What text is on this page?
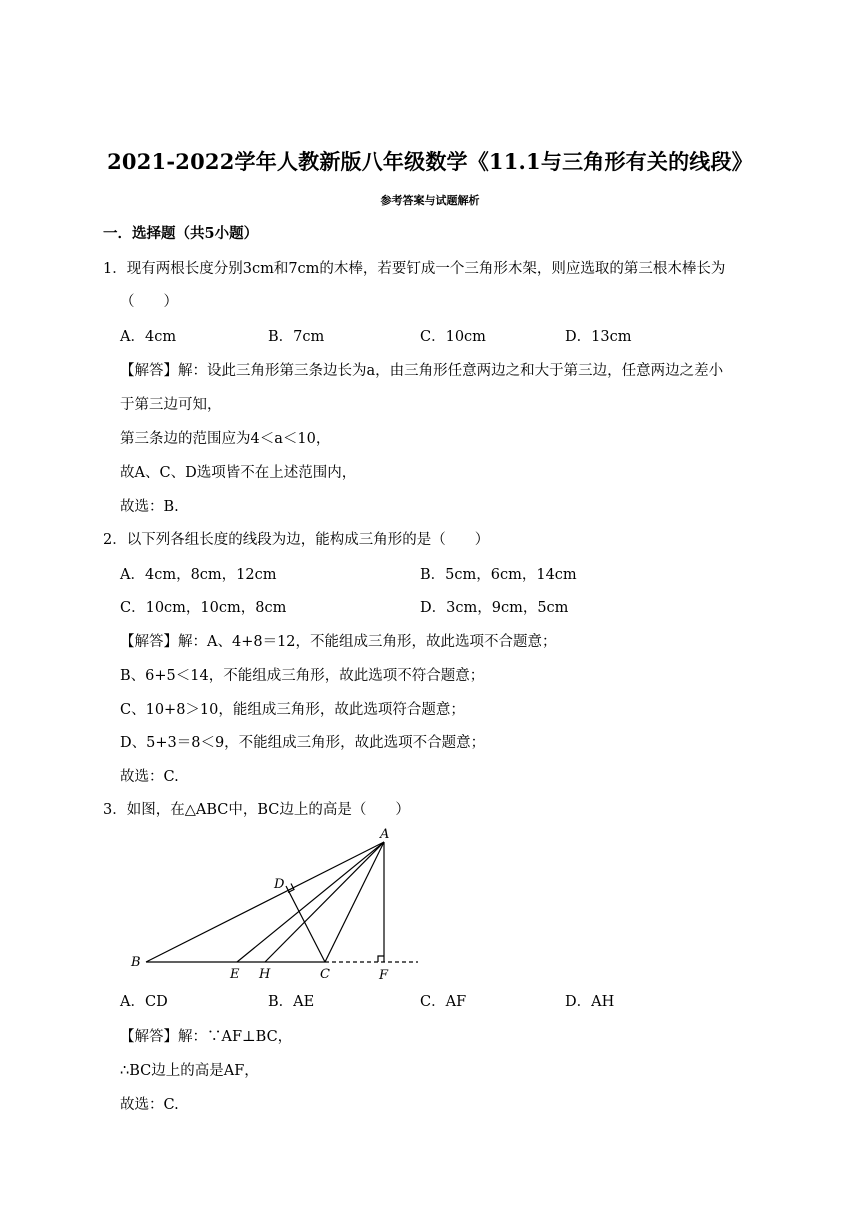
2021-2022学年人教新版八年级数学《11.1与三角形有关的线段》
参考答案与试题解析
一．选择题（共5小题）
1．现有两根长度分别3cm和7cm的木棒，若要钉成一个三角形木架，则应选取的第三根木棒长为
（　　）
A．4cm	B．7cm	C．10cm	D．13cm
【解答】解：设此三角形第三条边长为a，由三角形任意两边之和大于第三边，任意两边之差小
于第三边可知，
第三条边的范围应为4＜a＜10，
故A、C、D选项皆不在上述范围内，
故选：B.
2．以下列各组长度的线段为边，能构成三角形的是（　　）
A．4cm，8cm，12cm	B．5cm，6cm，14cm
C．10cm，10cm，8cm	D．3cm，9cm，5cm
【解答】解：A、4+8＝12，不能组成三角形，故此选项不合题意；
B、6+5＜14，不能组成三角形，故此选项不符合题意；
C、10+8＞10，能组成三角形，故此选项符合题意；
D、5+3＝8＜9，不能组成三角形，故此选项不合题意；
故选：C.
3．如图，在△ABC中，BC边上的高是（　　）
A
B
C
D
E	F
H
A．CD	B．AE	C．AF	D．AH
【解答】解：∵AF⊥BC，
∴BC边上的高是AF，
故选：C.
